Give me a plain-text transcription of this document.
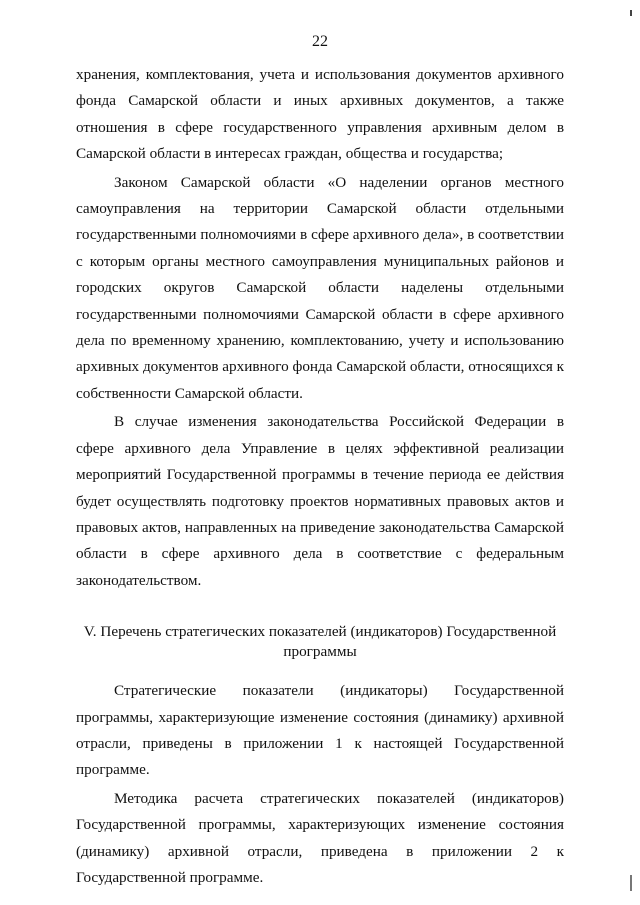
22

хранения, комплектования, учета и использования документов архивного фонда Самарской области и иных архивных документов, а также отношения в сфере государственного управления архивным делом в Самарской области в интересах граждан, общества и государства;

Законом Самарской области «О наделении органов местного самоуправления на территории Самарской области отдельными государственными полномочиями в сфере архивного дела», в соответствии с которым органы местного самоуправления муниципальных районов и городских округов Самарской области наделены отдельными государственными полномочиями Самарской области в сфере архивного дела по временному хранению, комплектованию, учету и использованию архивных документов архивного фонда Самарской области, относящихся к собственности Самарской области.

В случае изменения законодательства Российской Федерации в сфере архивного дела Управление в целях эффективной реализации мероприятий Государственной программы в течение периода ее действия будет осуществлять подготовку проектов нормативных правовых актов и правовых актов, направленных на приведение законодательства Самарской области в сфере архивного дела в соответствие с федеральным законодательством.

V. Перечень стратегических показателей (индикаторов) Государственной
программы

Стратегические показатели (индикаторы) Государственной программы, характеризующие изменение состояния (динамику) архивной отрасли, приведены в приложении 1 к настоящей Государственной программе.

Методика расчета стратегических показателей (индикаторов) Государственной программы, характеризующих изменение состояния (динамику) архивной отрасли, приведена в приложении 2 к Государственной программе.
